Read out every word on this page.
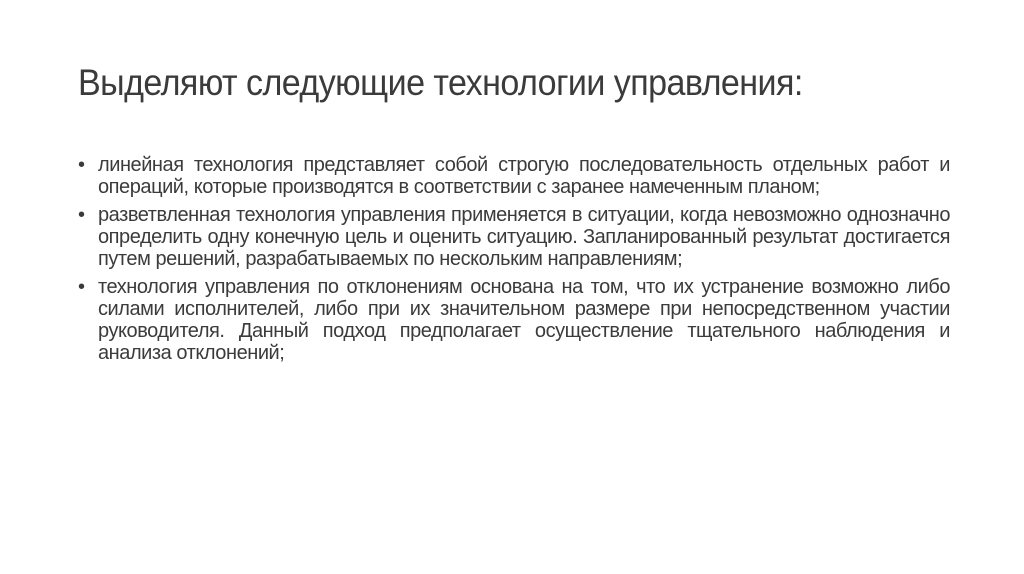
Выделяют следующие технологии управления:
• линейная технология представляет собой строгую последовательность отдельных работ и операций, которые производятся в соответствии с заранее намеченным планом;
• разветвленная технология управления применяется в ситуации, когда невозможно однозначно определить одну конечную цель и оценить ситуацию. Запланированный результат достигается путем решений, разрабатываемых по нескольким направлениям;
• технология управления по отклонениям основана на том, что их устранение возможно либо силами исполнителей, либо при их значительном размере при непосредственном участии руководителя. Данный подход предполагает осуществление тщательного наблюдения и анализа отклонений;
